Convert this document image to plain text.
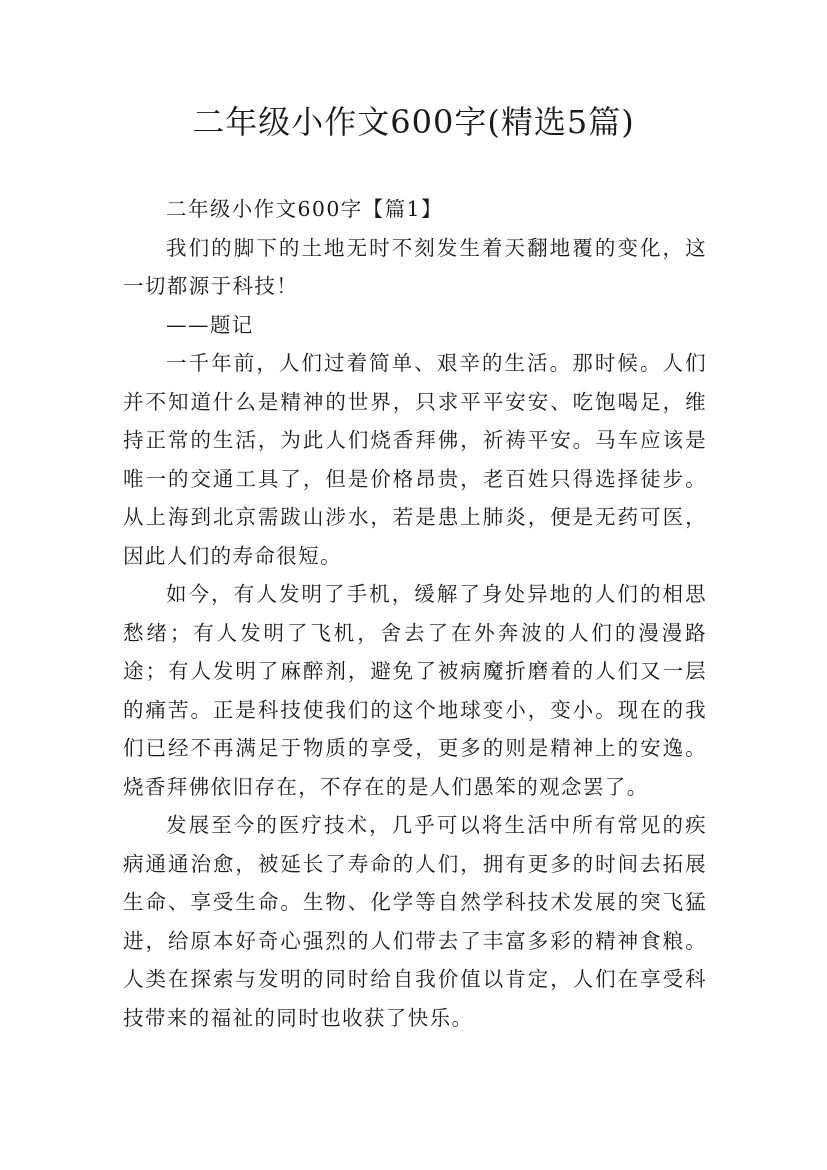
二年级小作文600字(精选5篇)

二年级小作文600字【篇1】

我们的脚下的土地无时不刻发生着天翻地覆的变化，这一切都源于科技！

——题记

一千年前，人们过着简单、艰辛的生活。那时候。人们并不知道什么是精神的世界，只求平平安安、吃饱喝足，维持正常的生活，为此人们烧香拜佛，祈祷平安。马车应该是唯一的交通工具了，但是价格昂贵，老百姓只得选择徒步。从上海到北京需跋山涉水，若是患上肺炎，便是无药可医，因此人们的寿命很短。

如今，有人发明了手机，缓解了身处异地的人们的相思愁绪；有人发明了飞机，舍去了在外奔波的人们的漫漫路途；有人发明了麻醉剂，避免了被病魔折磨着的人们又一层的痛苦。正是科技使我们的这个地球变小，变小。现在的我们已经不再满足于物质的享受，更多的则是精神上的安逸。烧香拜佛依旧存在，不存在的是人们愚笨的观念罢了。

发展至今的医疗技术，几乎可以将生活中所有常见的疾病通通治愈，被延长了寿命的人们，拥有更多的时间去拓展生命、享受生命。生物、化学等自然学科技术发展的突飞猛进，给原本好奇心强烈的人们带去了丰富多彩的精神食粮。人类在探索与发明的同时给自我价值以肯定，人们在享受科技带来的福祉的同时也收获了快乐。
